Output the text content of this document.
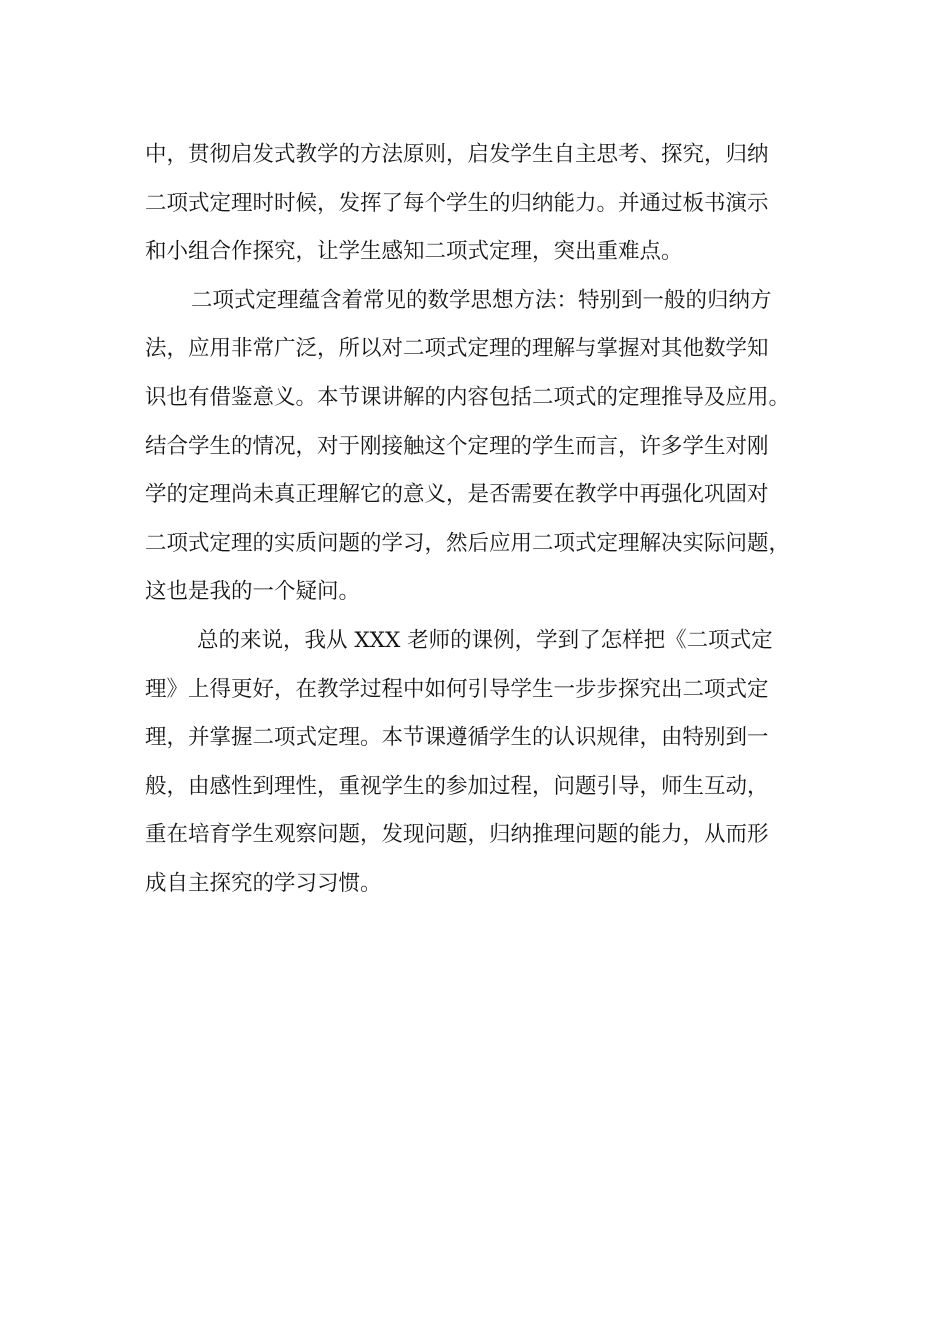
中，贯彻启发式教学的方法原则，启发学生自主思考、探究，归纳
二项式定理时时候，发挥了每个学生的归纳能力。并通过板书演示
和小组合作探究，让学生感知二项式定理，突出重难点。
二项式定理蕴含着常见的数学思想方法：特别到一般的归纳方
法，应用非常广泛，所以对二项式定理的理解与掌握对其他数学知
识也有借鉴意义。本节课讲解的内容包括二项式的定理推导及应用。
结合学生的情况，对于刚接触这个定理的学生而言，许多学生对刚
学的定理尚未真正理解它的意义，是否需要在教学中再强化巩固对
二项式定理的实质问题的学习，然后应用二项式定理解决实际问题，
这也是我的一个疑问。
总的来说，我从 XXX 老师的课例，学到了怎样把《二项式定
理》上得更好，在教学过程中如何引导学生一步步探究出二项式定
理，并掌握二项式定理。本节课遵循学生的认识规律，由特别到一
般，由感性到理性，重视学生的参加过程，问题引导，师生互动，
重在培育学生观察问题，发现问题，归纳推理问题的能力，从而形
成自主探究的学习习惯。
